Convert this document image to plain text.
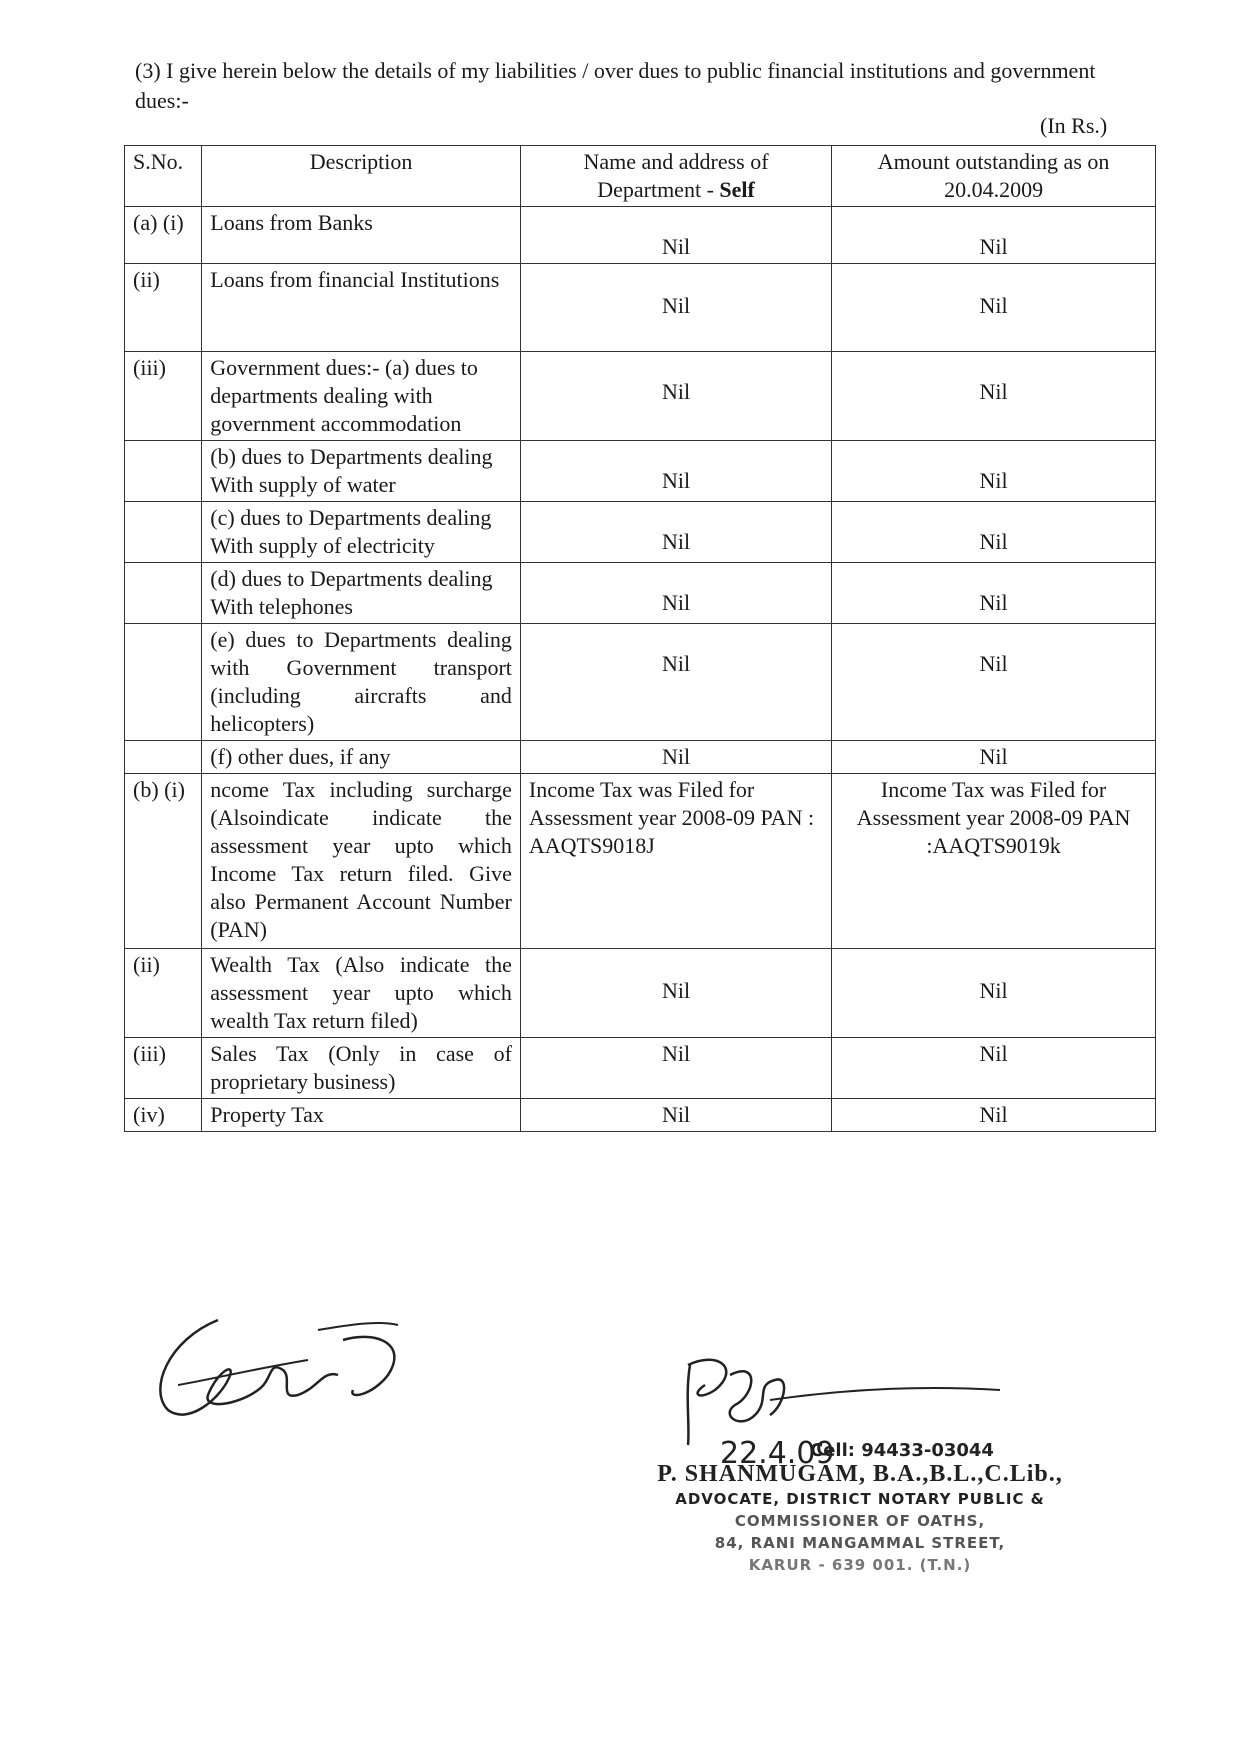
(3) I give herein below the details of my liabilities / over dues to public financial institutions and government dues:-
(In Rs.)
S.No.	Description	Name and address of Department - Self	Amount outstanding as on 20.04.2009
(a) (i)	Loans from Banks	Nil	Nil

(ii)	Loans from financial Institutions	Nil	Nil

(iii)	Government dues:- (a) dues to departments dealing with government accommodation	Nil	Nil

	(b) dues to Departments dealing With supply of water	Nil	Nil

	(c) dues to Departments dealing With supply of electricity	Nil	Nil

	(d) dues to Departments dealing With telephones	Nil	Nil

	(e) dues to Departments dealing with Government transport (including aircrafts and helicopters)	Nil	Nil

	(f) other dues, if any	Nil	Nil
(b) (i)	ncome Tax including surcharge (Alsoindicate indicate the assessment year upto which Income Tax return filed. Give also Permanent Account Number (PAN)	Income Tax was Filed for Assessment year 2008-09 PAN : AAQTS9018J	Income Tax was Filed for Assessment year 2008-09 PAN :AAQTS9019k
(ii)	Wealth Tax (Also indicate the assessment year upto which wealth Tax return filed)	Nil	Nil

(iii)	Sales Tax (Only in case of proprietary business)	Nil	Nil
(iv)	Property Tax	Nil	Nil
22.4.09
Cell: 94433-03044
P. SHANMUGAM, B.A.,B.L.,C.Lib.,
ADVOCATE, DISTRICT NOTARY PUBLIC &
COMMISSIONER OF OATHS,
84, RANI MANGAMMAL STREET,
KARUR - 639 001. (T.N.)
